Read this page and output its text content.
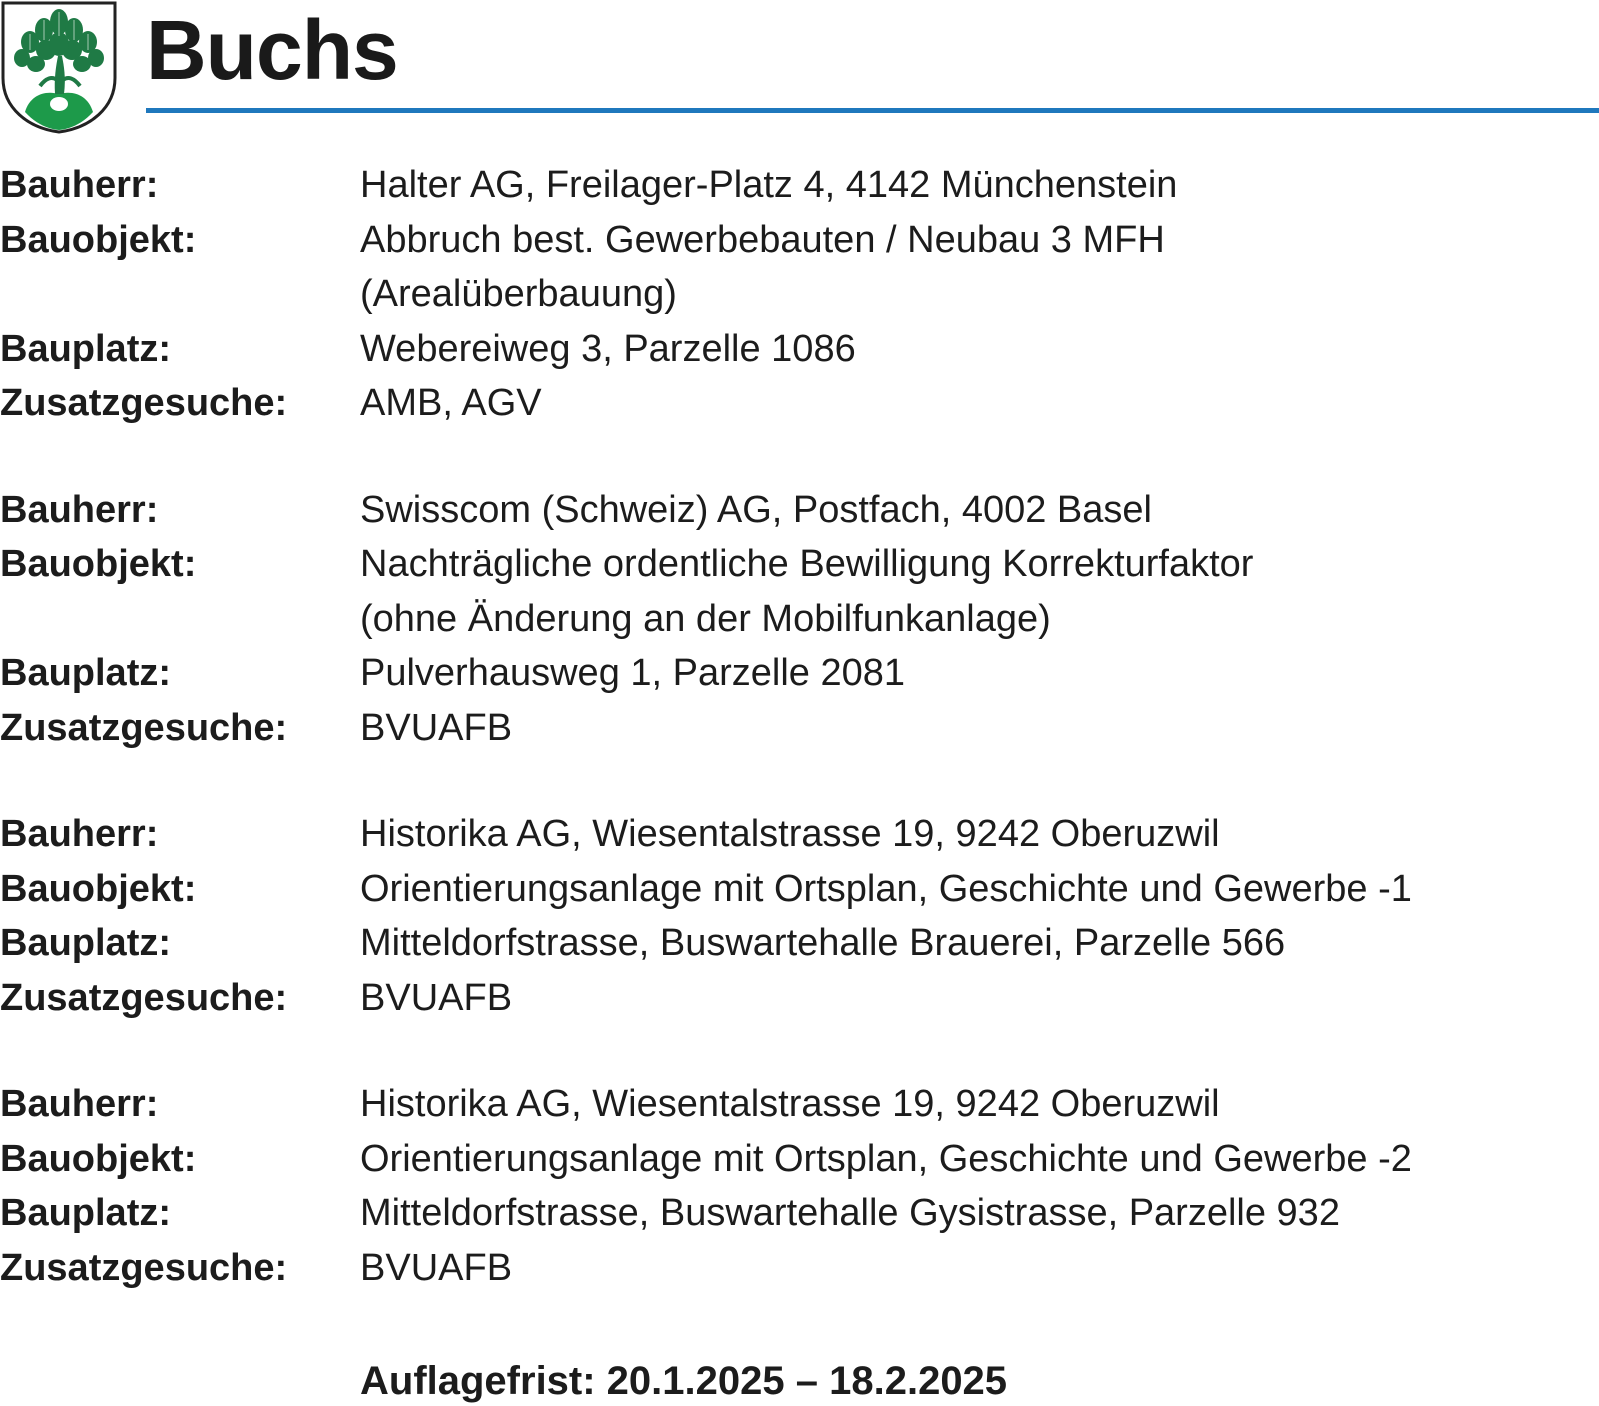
Buchs
Bauherr:	Halter AG, Freilager-Platz 4, 4142 Münchenstein
Bauobjekt:	Abbruch best. Gewerbebauten / Neubau 3 MFH
(Arealüberbauung)
Bauplatz:	Webereiweg 3, Parzelle 1086
Zusatzgesuche:	AMB, AGV
Bauherr:	Swisscom (Schweiz) AG, Postfach, 4002 Basel
Bauobjekt:	Nachträgliche ordentliche Bewilligung Korrekturfaktor
(ohne Änderung an der Mobilfunkanlage)
Bauplatz:	Pulverhausweg 1, Parzelle 2081
Zusatzgesuche:	BVUAFB
Bauherr:	Historika AG, Wiesentalstrasse 19, 9242 Oberuzwil
Bauobjekt:	Orientierungsanlage mit Ortsplan, Geschichte und Gewerbe -1
Bauplatz:	Mitteldorfstrasse, Buswartehalle Brauerei, Parzelle 566
Zusatzgesuche:	BVUAFB
Bauherr:	Historika AG, Wiesentalstrasse 19, 9242 Oberuzwil
Bauobjekt:	Orientierungsanlage mit Ortsplan, Geschichte und Gewerbe -2
Bauplatz:	Mitteldorfstrasse, Buswartehalle Gysistrasse, Parzelle 932
Zusatzgesuche:	BVUAFB
Auflagefrist: 20.1.2025 – 18.2.2025
